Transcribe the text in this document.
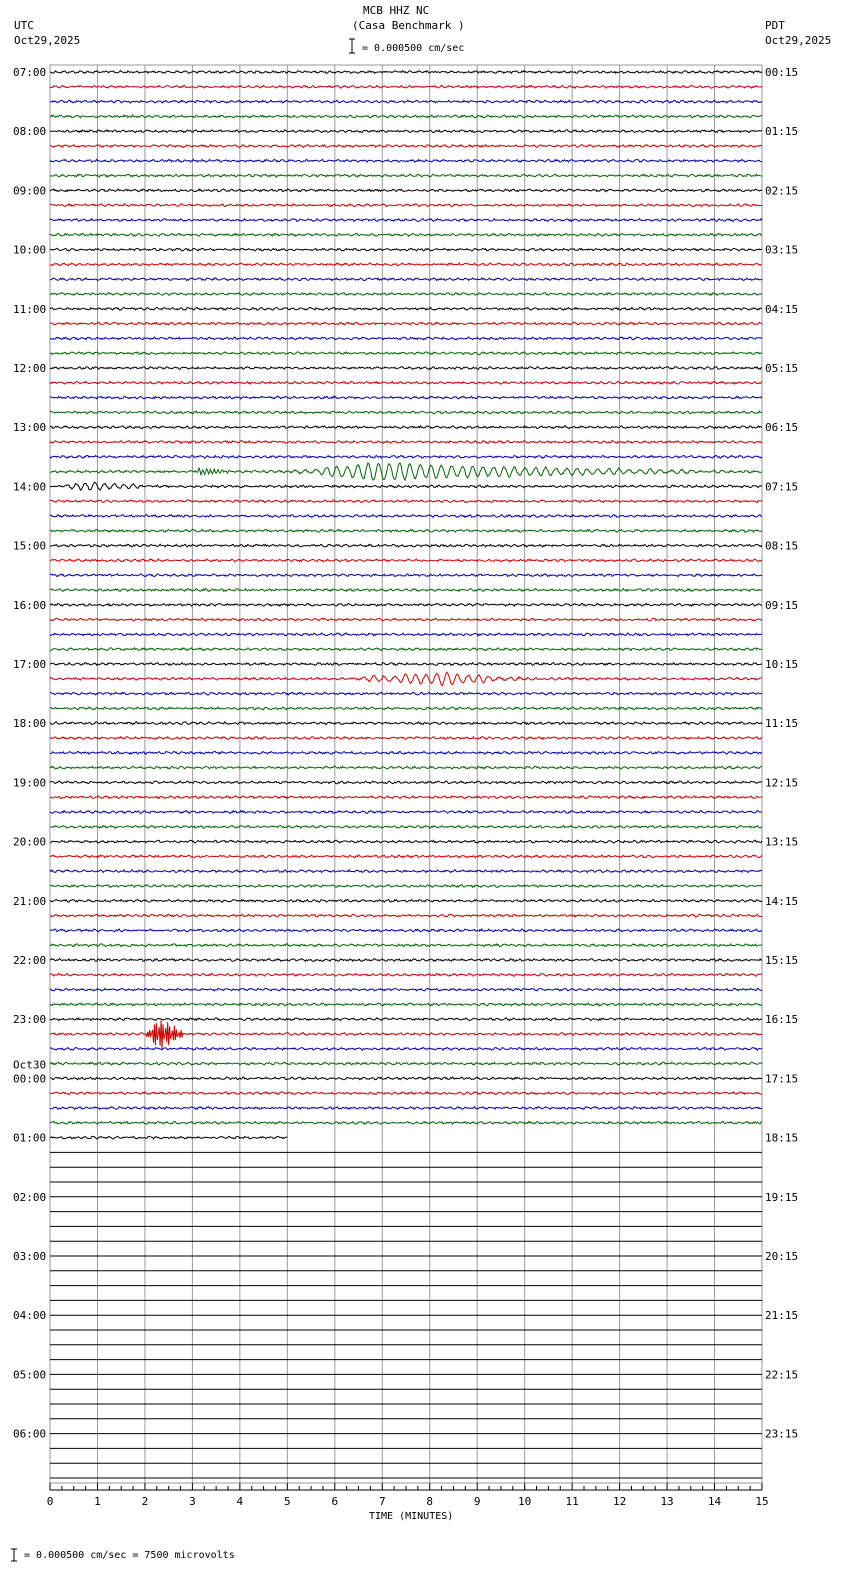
0	1	2	3	4	5	6	7	8	9	10	11	12	13	14	15
07:00
08:00
09:00
10:00
11:00
12:00
13:00
14:00
15:00
16:00
17:00
18:00
19:00
20:00
21:00
22:00
23:00
00:00
Oct30
01:00
02:00
03:00
04:00
05:00
06:00
00:15
01:15
02:15
03:15
04:15
05:15
06:15
07:15
08:15
09:15
10:15
11:15
12:15
13:15
14:15
15:15
16:15
17:15
18:15
19:15
20:15
21:15
22:15
23:15
MCB HHZ NC
(Casa Benchmark )
= 0.000500 cm/sec
UTC
Oct29,2025
PDT
Oct29,2025
TIME (MINUTES)
= 0.000500 cm/sec = 7500 microvolts
